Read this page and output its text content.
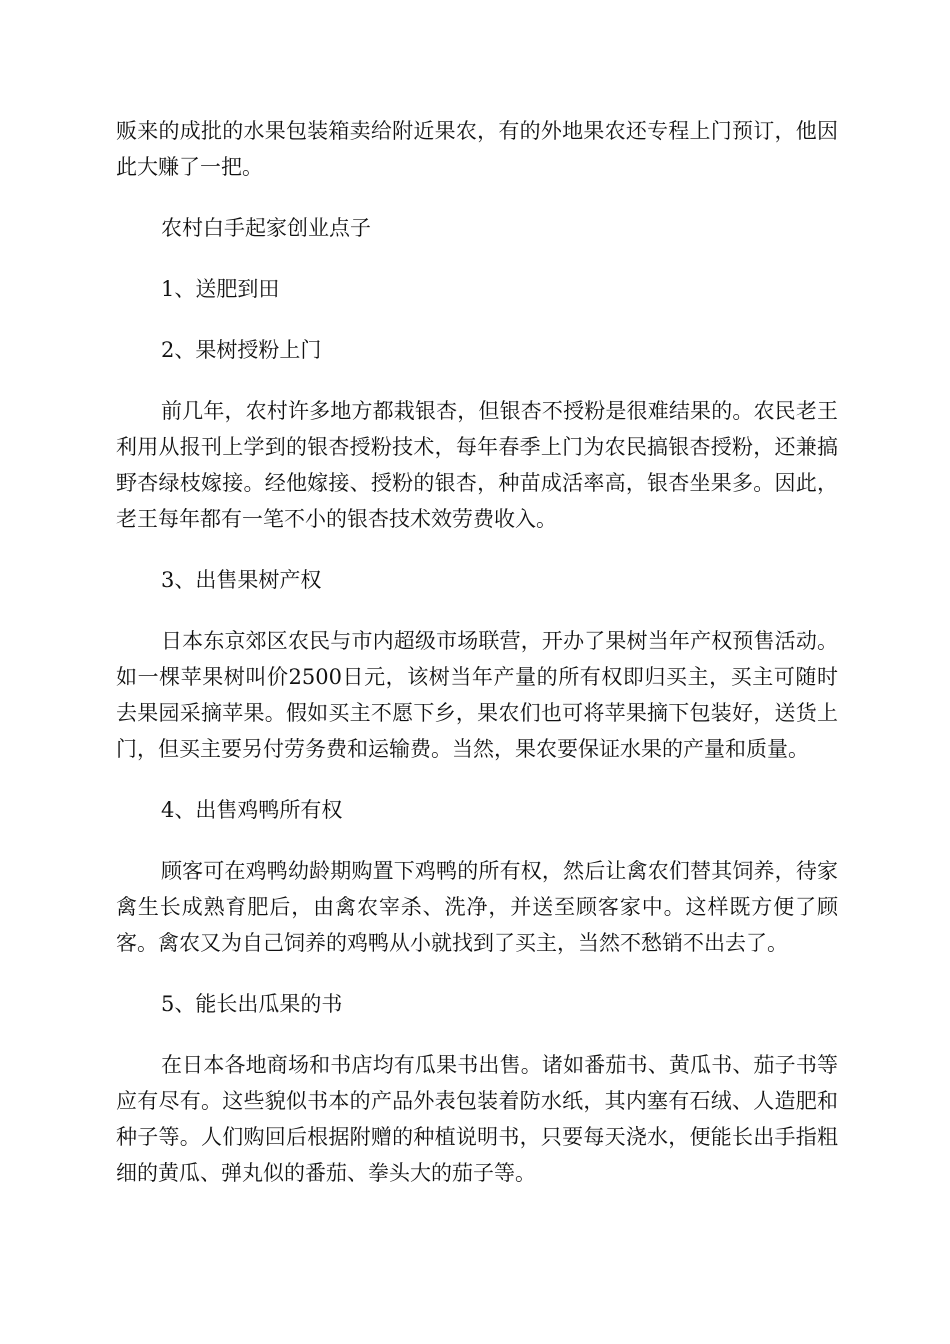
贩来的成批的水果包装箱卖给附近果农，有的外地果农还专程上门预订，他因此大赚了一把。

农村白手起家创业点子

1、送肥到田

2、果树授粉上门

前几年，农村许多地方都栽银杏，但银杏不授粉是很难结果的。农民老王利用从报刊上学到的银杏授粉技术，每年春季上门为农民搞银杏授粉，还兼搞野杏绿枝嫁接。经他嫁接、授粉的银杏，种苗成活率高，银杏坐果多。因此，老王每年都有一笔不小的银杏技术效劳费收入。

3、出售果树产权

日本东京郊区农民与市内超级市场联营，开办了果树当年产权预售活动。如一棵苹果树叫价2500日元，该树当年产量的所有权即归买主，买主可随时去果园采摘苹果。假如买主不愿下乡，果农们也可将苹果摘下包装好，送货上门，但买主要另付劳务费和运输费。当然，果农要保证水果的产量和质量。

4、出售鸡鸭所有权

顾客可在鸡鸭幼龄期购置下鸡鸭的所有权，然后让禽农们替其饲养，待家禽生长成熟育肥后，由禽农宰杀、洗净，并送至顾客家中。这样既方便了顾客。禽农又为自己饲养的鸡鸭从小就找到了买主，当然不愁销不出去了。

5、能长出瓜果的书

在日本各地商场和书店均有瓜果书出售。诸如番茄书、黄瓜书、茄子书等应有尽有。这些貌似书本的产品外表包装着防水纸，其内塞有石绒、人造肥和种子等。人们购回后根据附赠的种植说明书，只要每天浇水，便能长出手指粗细的黄瓜、弹丸似的番茄、拳头大的茄子等。
